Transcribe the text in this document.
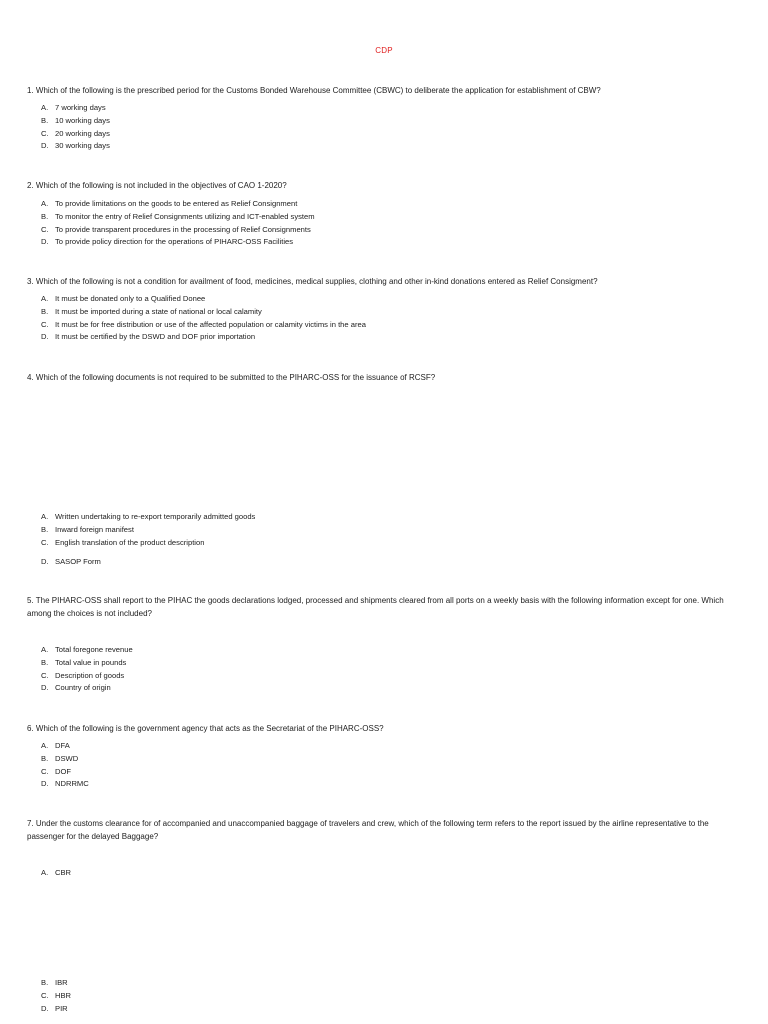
CDP
1. Which of the following is the prescribed period for the Customs Bonded Warehouse Committee (CBWC) to deliberate the application for establishment of CBW?
A. 7 working days
B. 10 working days
C. 20 working days
D. 30 working days
2. Which of the following is not included in the objectives of CAO 1-2020?
A. To provide limitations on the goods to be entered as Relief Consignment
B. To monitor the entry of Relief Consignments utilizing and ICT-enabled system
C. To provide transparent procedures in the processing of Relief Consignments
D. To provide policy direction for the operations of PIHARC-OSS Facilities
3. Which of the following is not a condition for availment of food, medicines, medical supplies, clothing and other in-kind donations entered as Relief Consigment?
A. It must be donated only to a Qualified Donee
B. It must be imported during a state of national or local calamity
C. It must be for free distribution or use of the affected population or calamity victims in the area
D. It must be certified by the DSWD and DOF prior importation
4. Which of the following documents is not required to be submitted to the PIHARC-OSS for the issuance of RCSF?
A. Written undertaking to re-export temporarily admitted goods
B. Inward foreign manifest
C. English translation of the product description
D. SASOP Form
5. The PIHARC-OSS shall report to the PIHAC the goods declarations lodged, processed and shipments cleared from all ports on a weekly basis with the following information except for one. Which among the choices is not included?
A. Total foregone revenue
B. Total value in pounds
C. Description of goods
D. Country of origin
6. Which of the following is the government agency that acts as the Secretariat of the PIHARC-OSS?
A. DFA
B. DSWD
C. DOF
D. NDRRMC
7. Under the customs clearance for of accompanied and unaccompanied baggage of travelers and crew, which of the following term refers to the report issued by the airline representative to the passenger for the delayed Baggage?
A. CBR
B. IBR
C. HBR
D. PIR
